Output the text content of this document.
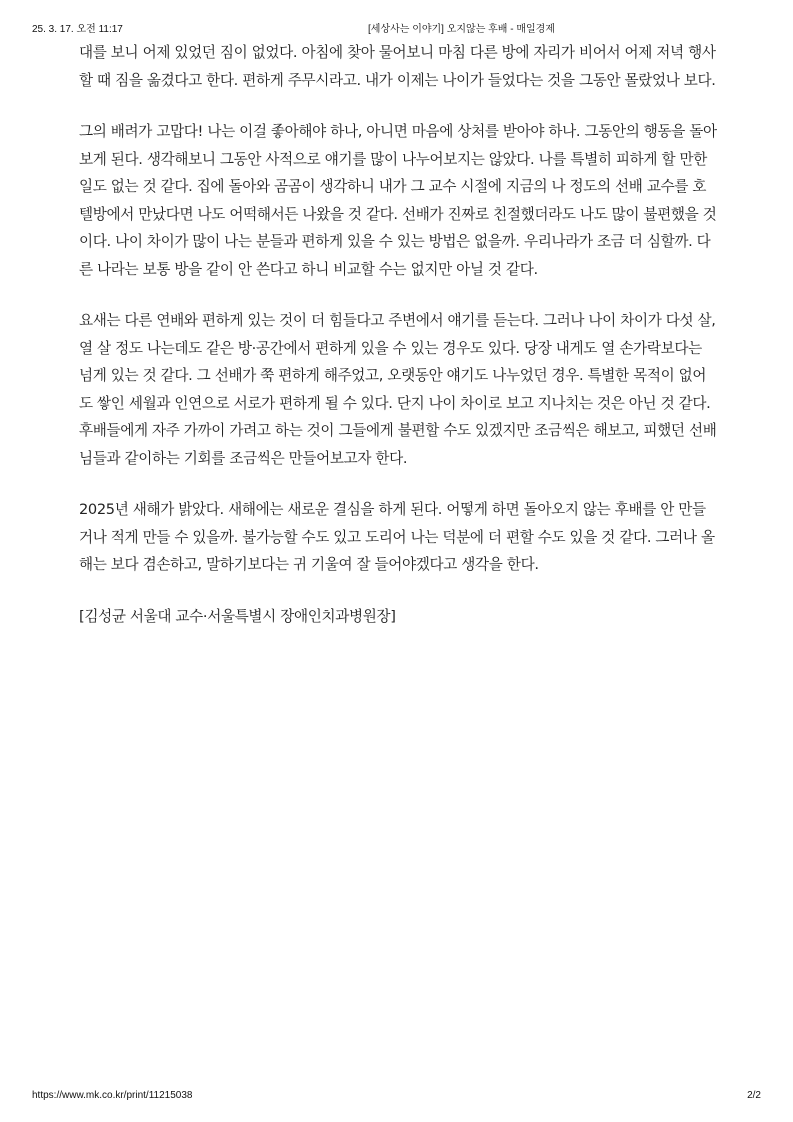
25. 3. 17. 오전 11:17	[세상사는 이야기] 오지않는 후배 - 매일경제

대를 보니 어제 있었던 짐이 없었다. 아침에 찾아 물어보니 마침 다른 방에 자리가 비어서 어제 저녁 행사할 때 짐을 옮겼다고 한다. 편하게 주무시라고. 내가 이제는 나이가 들었다는 것을 그동안 몰랐었나 보다.

그의 배려가 고맙다! 나는 이걸 좋아해야 하나, 아니면 마음에 상처를 받아야 하나. 그동안의 행동을 돌아보게 된다. 생각해보니 그동안 사적으로 얘기를 많이 나누어보지는 않았다. 나를 특별히 피하게 할 만한 일도 없는 것 같다. 집에 돌아와 곰곰이 생각하니 내가 그 교수 시절에 지금의 나 정도의 선배 교수를 호텔방에서 만났다면 나도 어떡해서든 나왔을 것 같다. 선배가 진짜로 친절했더라도 나도 많이 불편했을 것이다. 나이 차이가 많이 나는 분들과 편하게 있을 수 있는 방법은 없을까. 우리나라가 조금 더 심할까. 다른 나라는 보통 방을 같이 안 쓴다고 하니 비교할 수는 없지만 아닐 것 같다.

요새는 다른 연배와 편하게 있는 것이 더 힘들다고 주변에서 얘기를 듣는다. 그러나 나이 차이가 다섯 살, 열 살 정도 나는데도 같은 방·공간에서 편하게 있을 수 있는 경우도 있다. 당장 내게도 열 손가락보다는 넘게 있는 것 같다. 그 선배가 쭉 편하게 해주었고, 오랫동안 얘기도 나누었던 경우. 특별한 목적이 없어도 쌓인 세월과 인연으로 서로가 편하게 될 수 있다. 단지 나이 차이로 보고 지나치는 것은 아닌 것 같다. 후배들에게 자주 가까이 가려고 하는 것이 그들에게 불편할 수도 있겠지만 조금씩은 해보고, 피했던 선배님들과 같이하는 기회를 조금씩은 만들어보고자 한다.

2025년 새해가 밝았다. 새해에는 새로운 결심을 하게 된다. 어떻게 하면 돌아오지 않는 후배를 안 만들거나 적게 만들 수 있을까. 불가능할 수도 있고 도리어 나는 덕분에 더 편할 수도 있을 것 같다. 그러나 올해는 보다 겸손하고, 말하기보다는 귀 기울여 잘 들어야겠다고 생각을 한다.

[김성균 서울대 교수·서울특별시 장애인치과병원장]

https://www.mk.co.kr/print/11215038	2/2
